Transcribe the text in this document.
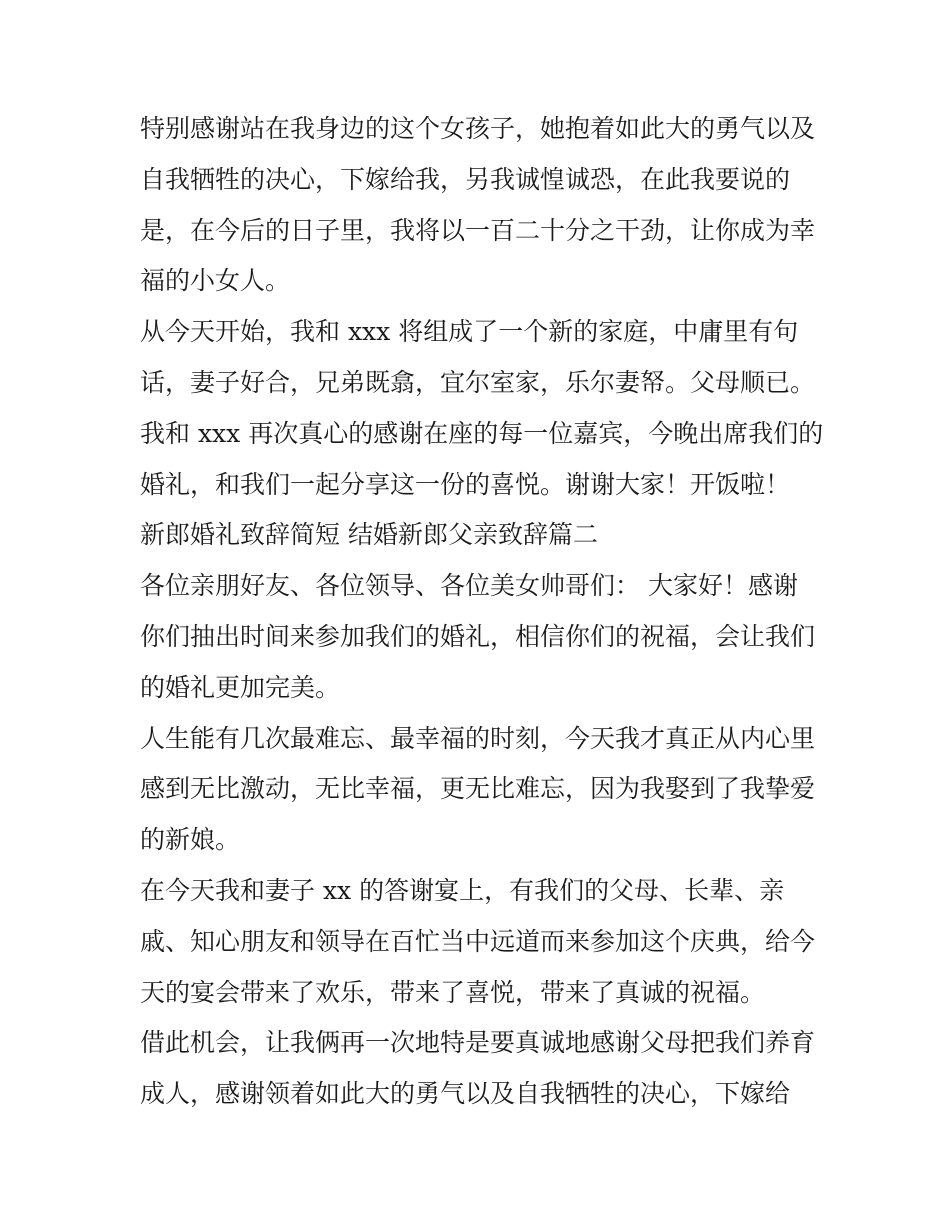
特别感谢站在我身边的这个女孩子，她抱着如此大的勇气以及
自我牺牲的决心，下嫁给我，另我诚惶诚恐，在此我要说的
是，在今后的日子里，我将以一百二十分之干劲，让你成为幸
福的小女人。
从今天开始，我和 xxx 将组成了一个新的家庭，中庸里有句
话，妻子好合，兄弟既翕，宜尔室家，乐尔妻帑。父母顺已。
我和 xxx 再次真心的感谢在座的每一位嘉宾，今晚出席我们的
婚礼，和我们一起分享这一份的喜悦。谢谢大家！开饭啦！
新郎婚礼致辞简短 结婚新郎父亲致辞篇二
各位亲朋好友、各位领导、各位美女帅哥们： 大家好！感谢
你们抽出时间来参加我们的婚礼，相信你们的祝福，会让我们
的婚礼更加完美。
人生能有几次最难忘、最幸福的时刻，今天我才真正从内心里
感到无比激动，无比幸福，更无比难忘，因为我娶到了我挚爱
的新娘。
在今天我和妻子 xx 的答谢宴上，有我们的父母、长辈、亲
戚、知心朋友和领导在百忙当中远道而来参加这个庆典，给今
天的宴会带来了欢乐，带来了喜悦，带来了真诚的祝福。
借此机会，让我俩再一次地特是要真诚地感谢父母把我们养育
成人，感谢领着如此大的勇气以及自我牺牲的决心，下嫁给
